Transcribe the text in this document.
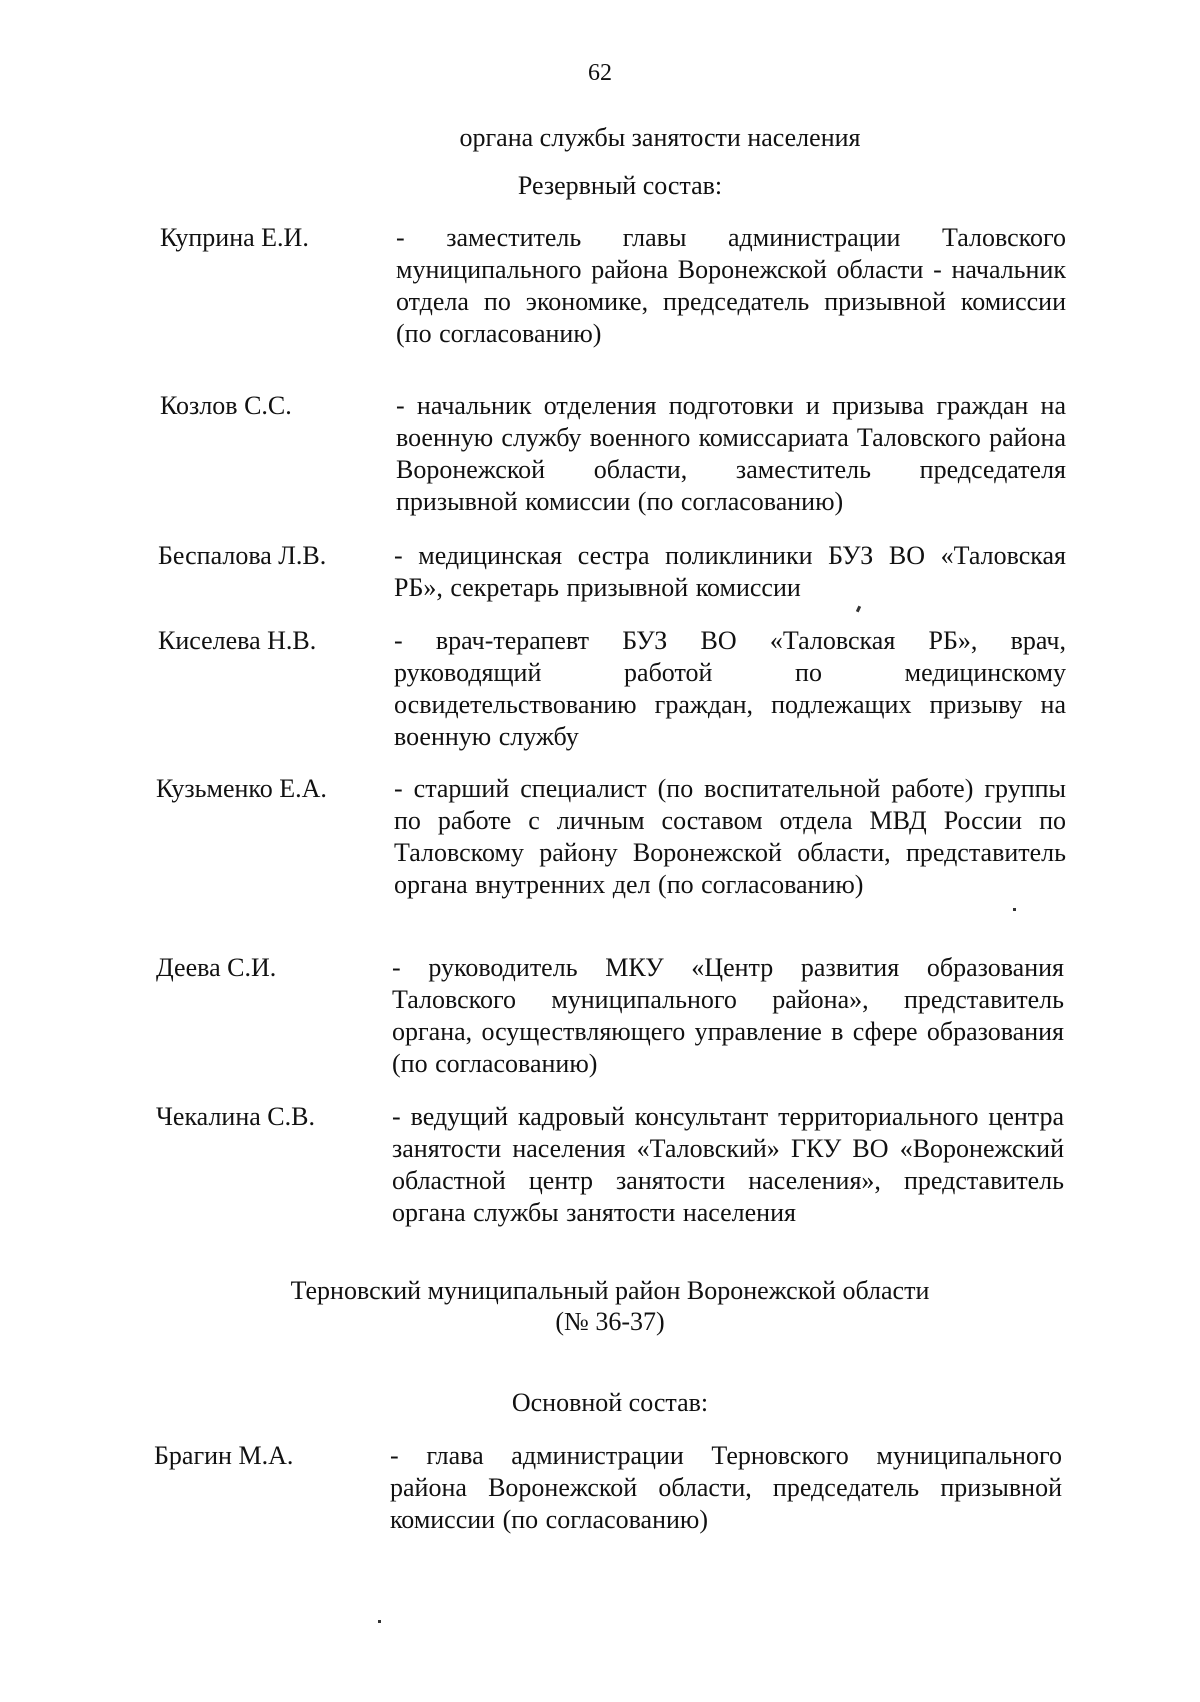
62

органа службы занятости населения

Резервный состав:

Куприна Е.И.	- заместитель главы администрации Таловского муниципального района Воронежской области - начальник отдела по экономике, председатель призывной комиссии (по согласованию)
Козлов С.С.	- начальник отделения подготовки и призыва граждан на военную службу военного комиссариата Таловского района Воронежской области, заместитель председателя призывной комиссии (по согласованию)
Беспалова Л.В.	- медицинская сестра поликлиники БУЗ ВО «Таловская РБ», секретарь призывной комиссии
Киселева Н.В.	- врач-терапевт БУЗ ВО «Таловская РБ», врач, руководящий работой по медицинскому освидетельствованию граждан, подлежащих призыву на военную службу
Кузьменко Е.А.	- старший специалист (по воспитательной работе) группы по работе с личным составом отдела МВД России по Таловскому району Воронежской области, представитель органа внутренних дел (по согласованию)
Деева С.И.	- руководитель МКУ «Центр развития образования Таловского муниципального района», представитель органа, осуществляющего управление в сфере образования (по согласованию)
Чекалина С.В.	- ведущий кадровый консультант территориального центра занятости населения «Таловский» ГКУ ВО «Воронежский областной центр занятости населения», представитель органа службы занятости населения

Терновский муниципальный район Воронежской области

(№ 36-37)

Основной состав:

Брагин М.А.	- глава администрации Терновского муниципального района Воронежской области, председатель призывной комиссии (по согласованию)
